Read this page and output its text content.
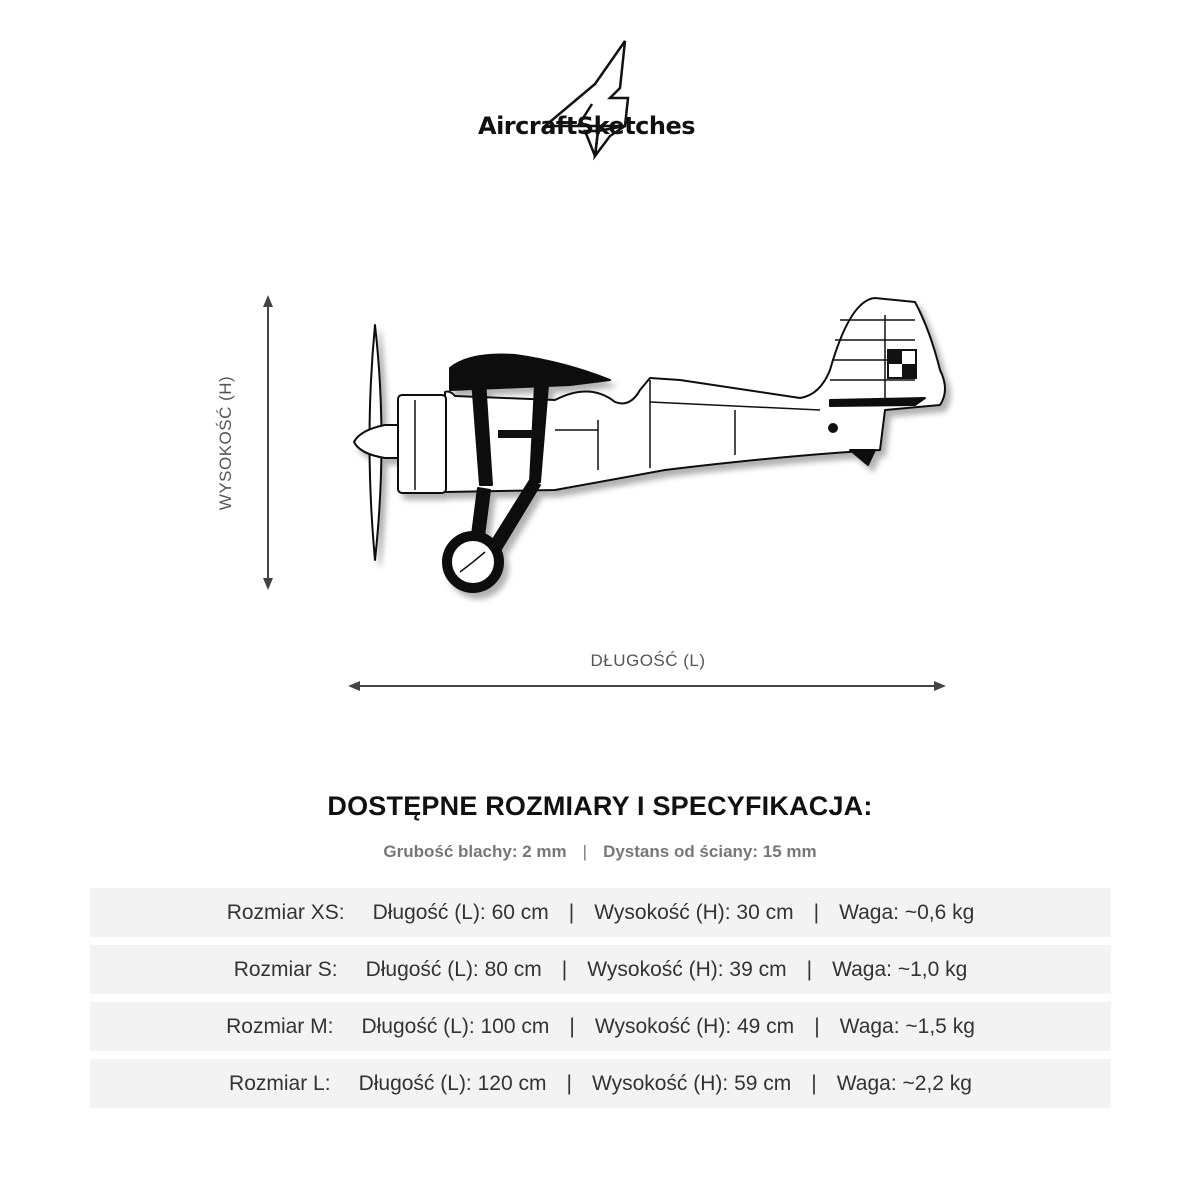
AircraftSketches
WYSOKOŚĆ (H)
DŁUGOŚĆ (L)
DOSTĘPNE ROZMIARY I SPECYFIKACJA:
Grubość blachy: 2 mm | Dystans od ściany: 15 mm
Rozmiar XS: Długość (L): 60 cm | Wysokość (H): 30 cm | Waga: ~0,6 kg
Rozmiar S: Długość (L): 80 cm | Wysokość (H): 39 cm | Waga: ~1,0 kg
Rozmiar M: Długość (L): 100 cm | Wysokość (H): 49 cm | Waga: ~1,5 kg
Rozmiar L: Długość (L): 120 cm | Wysokość (H): 59 cm | Waga: ~2,2 kg
